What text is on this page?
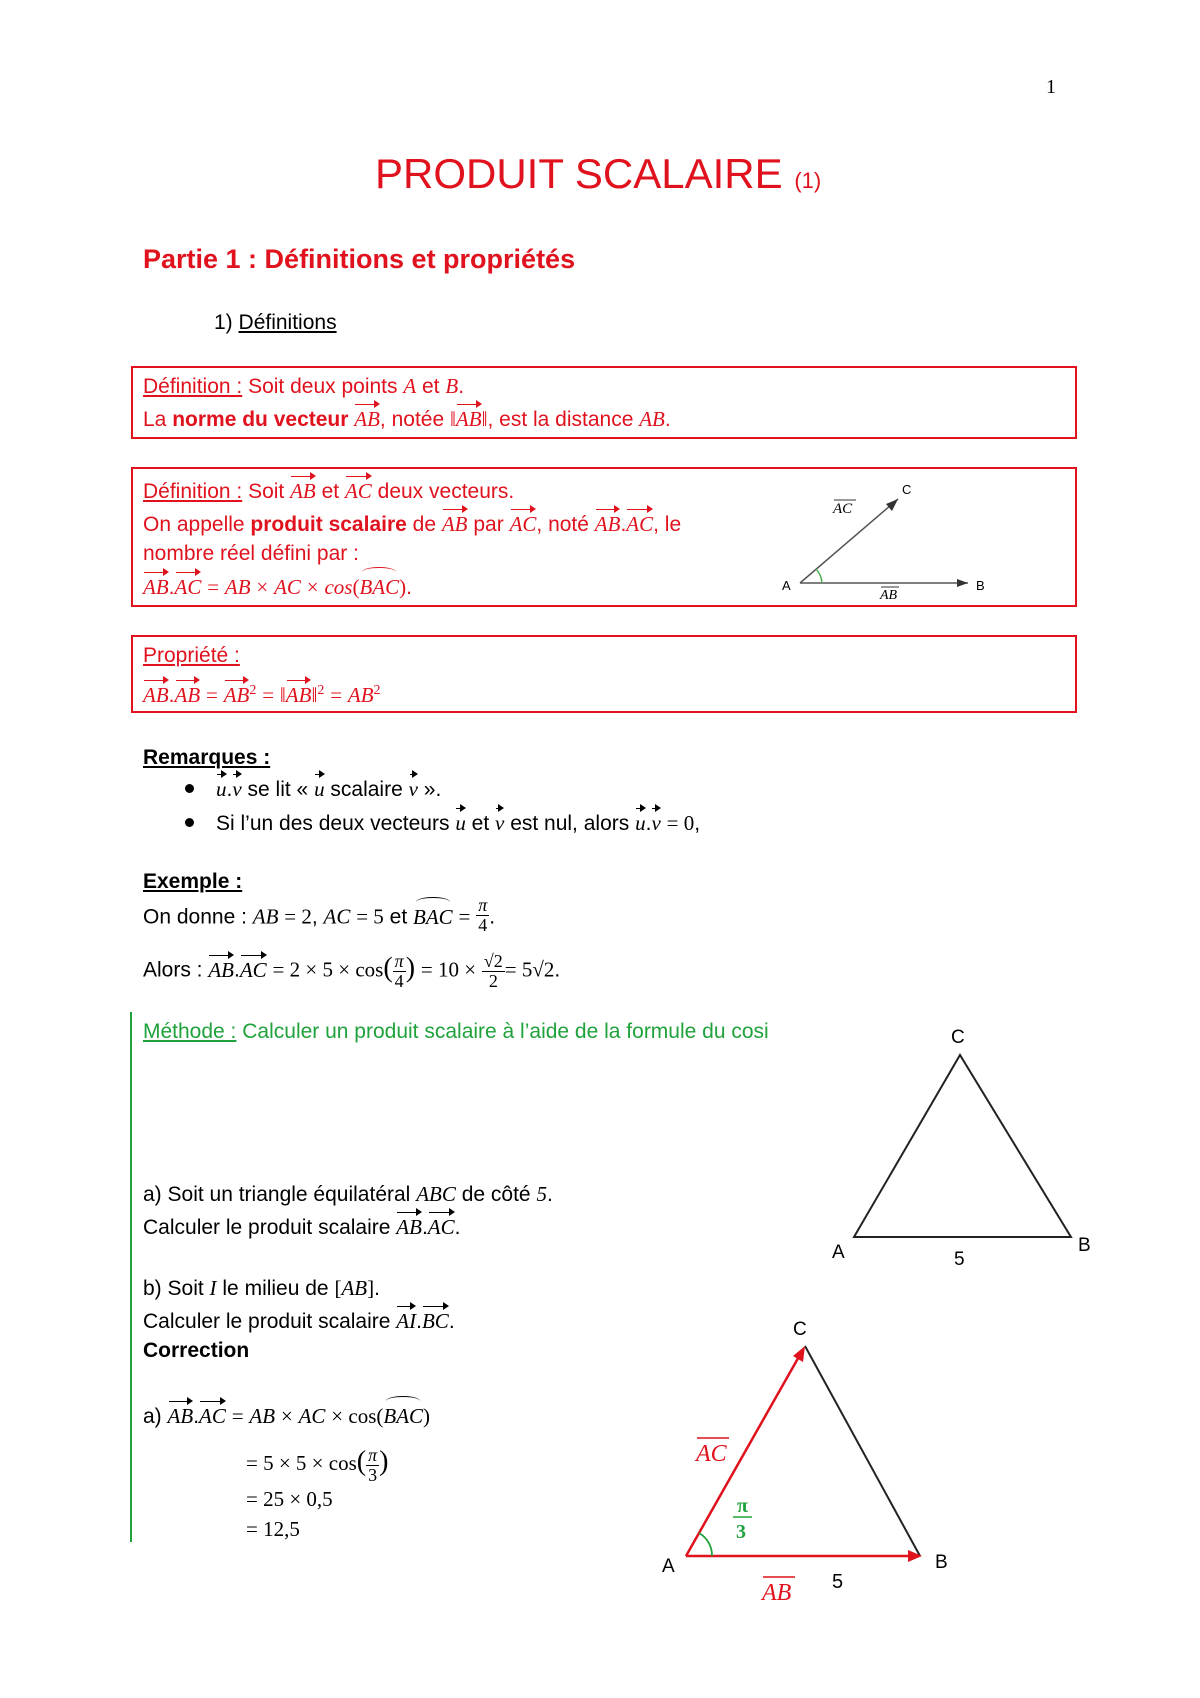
1
PRODUIT SCALAIRE (1)
Partie 1 : Définitions et propriétés
1) Définitions
Définition : Soit deux points A et B.
La norme du vecteur AB, notée ‖AB‖, est la distance AB.
Définition : Soit AB et AC deux vecteurs.
On appelle produit scalaire de AB par AC, noté AB.AC, le
nombre réel défini par :
AB.AC = AB × AC × cos(BAC).	A	B
C
AC
AB
Propriété :
$AB.AB = AB^2$ = ‖AB‖$^2$ = $AB^2$
Remarques :
u.v se lit « u scalaire v ».
Si l’un des deux vecteurs u et v est nul, alors u.v = 0,
Exemple :
On donne : AB = 2, AC = 5 et BAC = $\frac{\pi}{4}$ .
Alors : $AB.AC = 2 \times 5 \times \cos( \frac{\pi}{4}$ ) = $10 \times \frac{√2}{2} = 5√2$.
Méthode : Calculer un produit scalaire à l’aide de la formule du cosi
a) Soit un triangle équilatéral ABC de côté 5.
Calculer le produit scalaire AB.AC.
b) Soit I le milieu de [AB].
Calculer le produit scalaire AI.BC.
Correction
a) AB.AC = AB × AC × cos(BAC)
= $5 \times 5 \times \cos( \frac{\pi}{3}$ )
= 25 × 0,5
= 12,5
A	B
C
5
A	B
C
5
AC
AB
π
3
